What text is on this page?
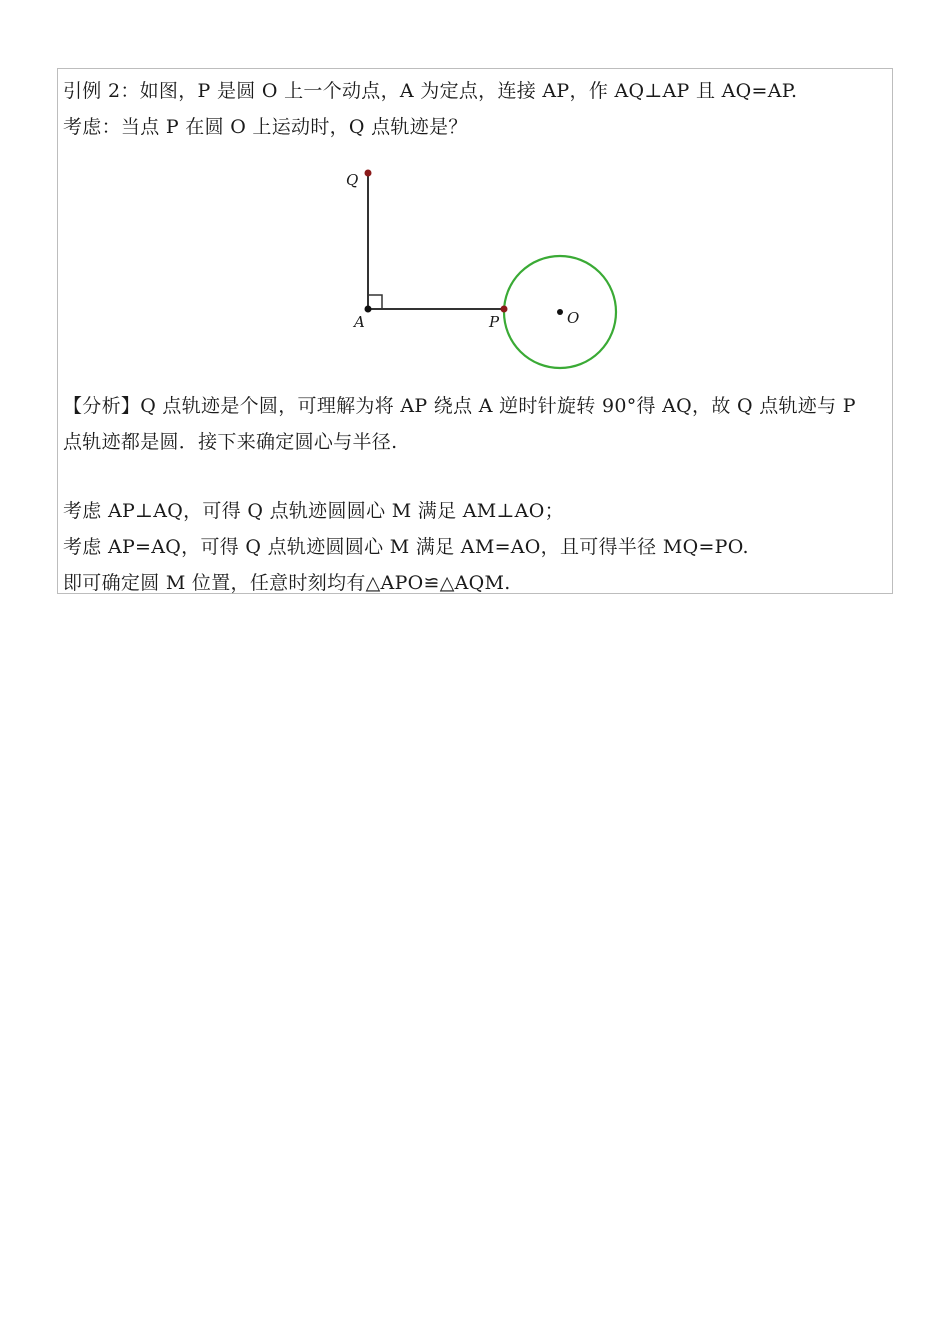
引例 2：如图，P 是圆 O 上一个动点，A 为定点，连接 AP，作 AQ⊥AP 且 AQ=AP.
考虑：当点 P 在圆 O 上运动时，Q 点轨迹是？
Q
A	P	O
【分析】Q 点轨迹是个圆，可理解为将 AP 绕点 A 逆时针旋转 90°得 AQ，故 Q 点轨迹与 P
点轨迹都是圆．接下来确定圆心与半径.
考虑 AP⊥AQ，可得 Q 点轨迹圆圆心 M 满足 AM⊥AO；
考虑 AP=AQ，可得 Q 点轨迹圆圆心 M 满足 AM=AO，且可得半径 MQ=PO.
即可确定圆 M 位置，任意时刻均有△APO≌△AQM.
